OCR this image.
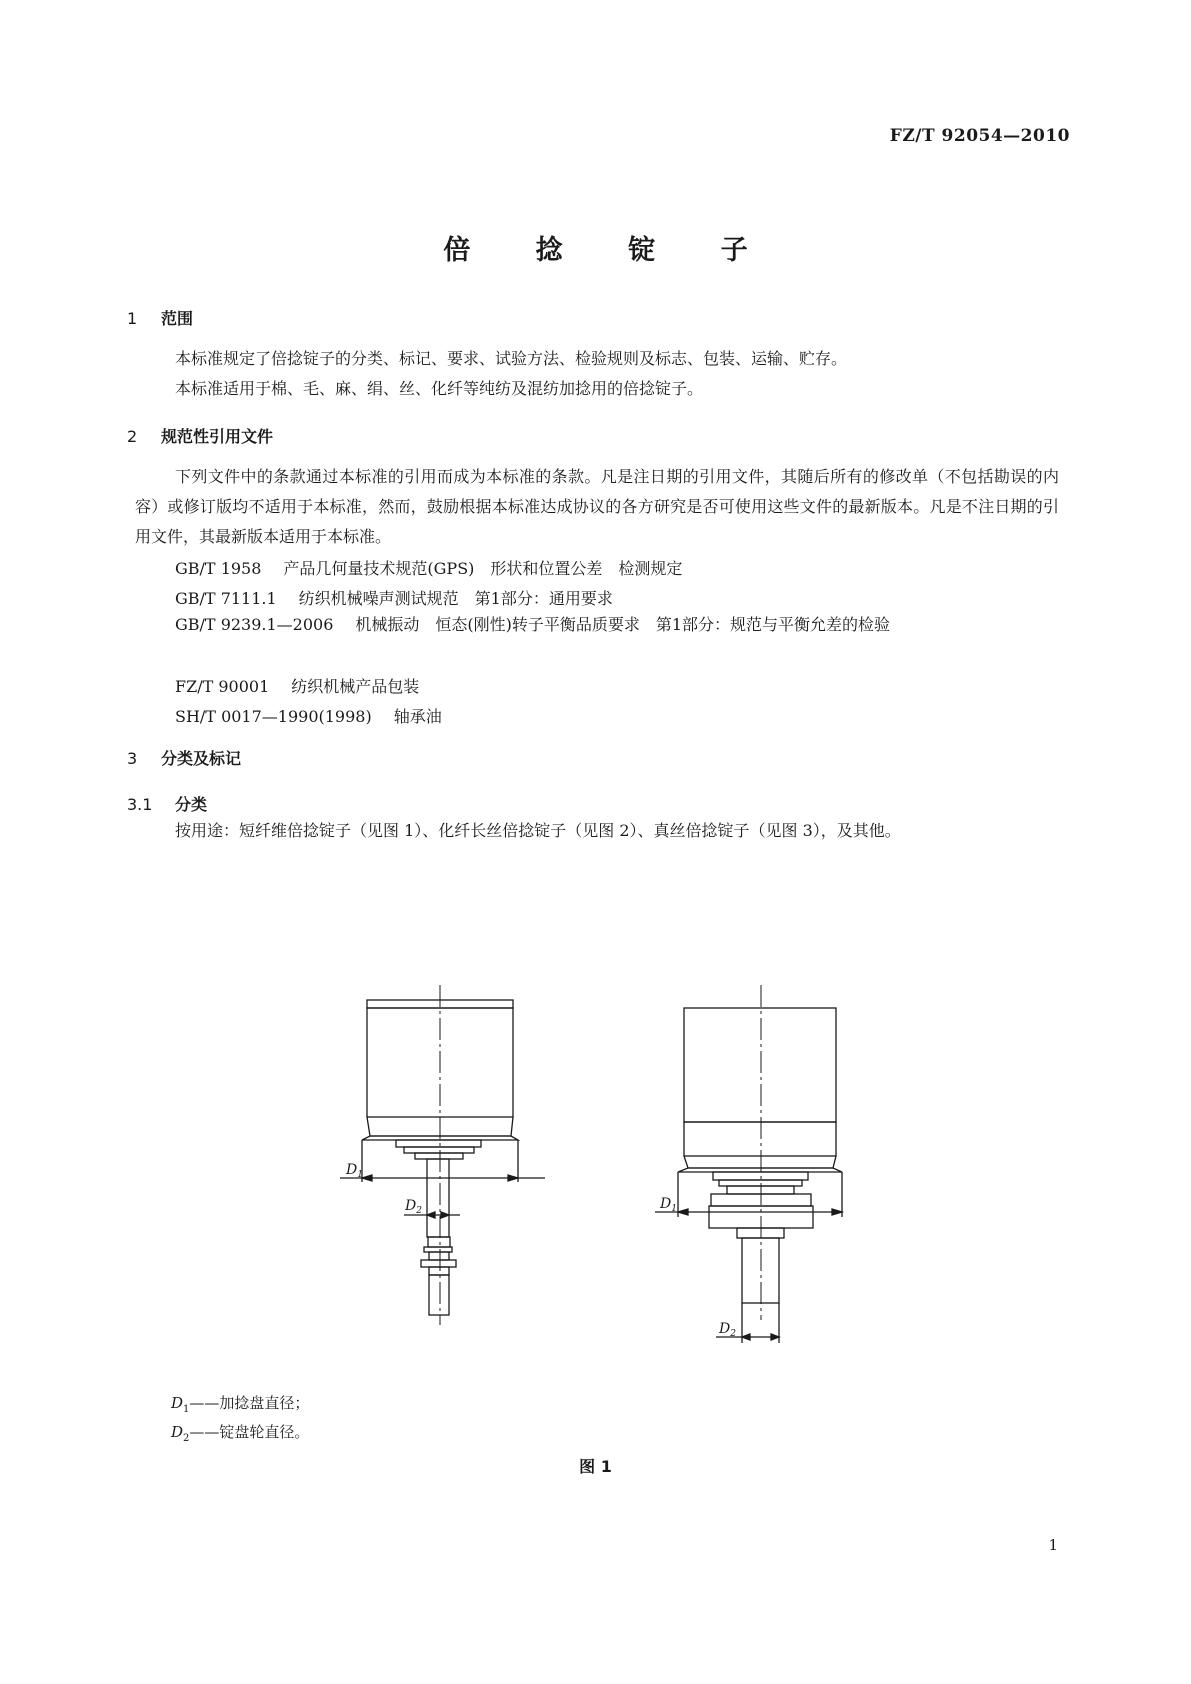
FZ/T 92054—2010
倍 捻 锭 子
1 范围
本标准规定了倍捻锭子的分类、标记、要求、试验方法、检验规则及标志、包装、运输、贮存。
本标准适用于棉、毛、麻、绢、丝、化纤等纯纺及混纺加捻用的倍捻锭子。
2 规范性引用文件
下列文件中的条款通过本标准的引用而成为本标准的条款。凡是注日期的引用文件，其随后所有的修改单（不包括勘误的内容）或修订版均不适用于本标准，然而，鼓励根据本标准达成协议的各方研究是否可使用这些文件的最新版本。凡是不注日期的引用文件，其最新版本适用于本标准。
GB/T 1958 产品几何量技术规范(GPS)　形状和位置公差　检测规定
GB/T 7111.1 纺织机械噪声测试规范　第1部分：通用要求
GB/T 9239.1—2006 机械振动　恒态(刚性)转子平衡品质要求　第1部分：规范与平衡允差的检验
FZ/T 90001 纺织机械产品包装
SH/T 0017—1990(1998) 轴承油
3 分类及标记
3.1 分类
按用途：短纤维倍捻锭子（见图 1）、化纤长丝倍捻锭子（见图 2）、真丝倍捻锭子（见图 3），及其他。
$D_1$
$D_2$	$D_1$
$D_2$
$D_1——$加捻盘直径；
$D_2——$锭盘轮直径。
图 1
1
